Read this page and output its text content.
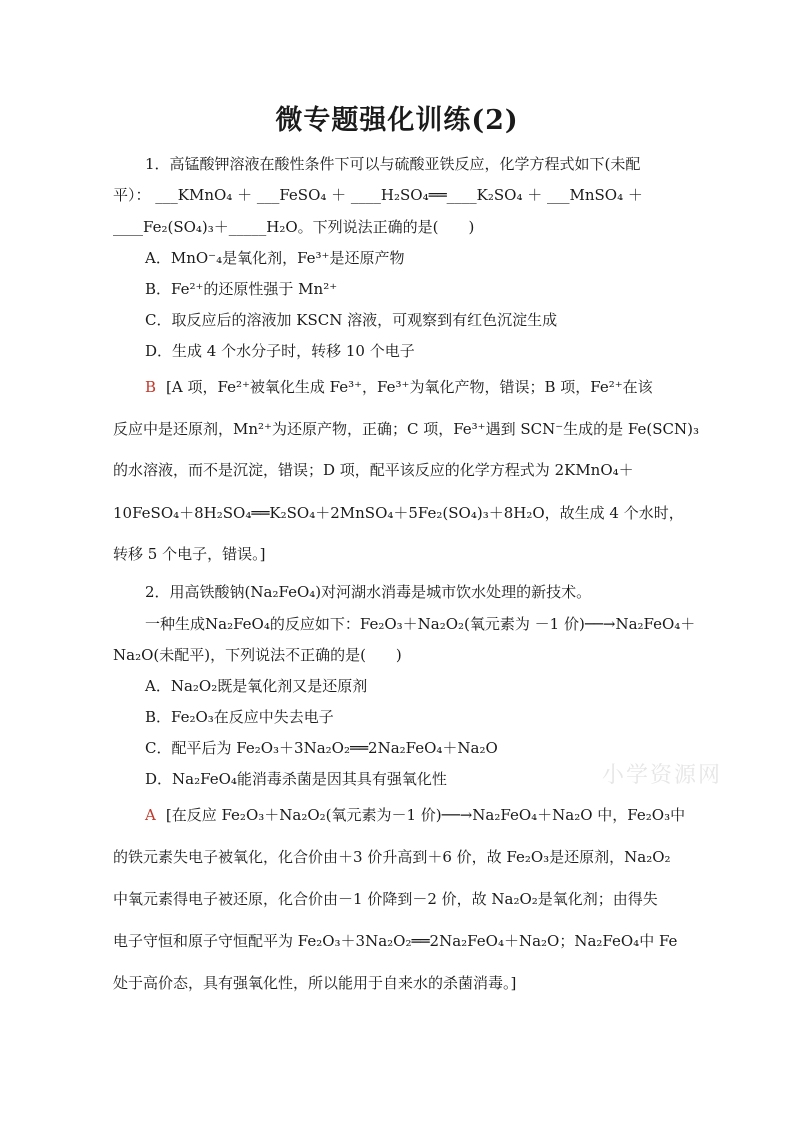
微专题强化训练(2)
1．高锰酸钾溶液在酸性条件下可以与硫酸亚铁反应，化学方程式如下(未配
平）： ___KMnO₄ ＋ ___FeSO₄ ＋ ____H₂SO₄══____K₂SO₄ ＋ ___MnSO₄ ＋
____Fe₂(SO₄)₃＋_____H₂O。下列说法正确的是(　　)
A．MnO⁻₄是氧化剂，Fe³⁺是还原产物
B．Fe²⁺的还原性强于 Mn²⁺
C．取反应后的溶液加 KSCN 溶液，可观察到有红色沉淀生成
D．生成 4 个水分子时，转移 10 个电子
B [A 项，Fe²⁺被氧化生成 Fe³⁺，Fe³⁺为氧化产物，错误；B 项，Fe²⁺在该
反应中是还原剂，Mn²⁺为还原产物，正确；C 项，Fe³⁺遇到 SCN⁻生成的是 Fe(SCN)₃
的水溶液，而不是沉淀，错误；D 项，配平该反应的化学方程式为 2KMnO₄＋
10FeSO₄＋8H₂SO₄══K₂SO₄＋2MnSO₄＋5Fe₂(SO₄)₃＋8H₂O，故生成 4 个水时，
转移 5 个电子，错误。]
2．用高铁酸钠(Na₂FeO₄)对河湖水消毒是城市饮水处理的新技术。
一种生成Na₂FeO₄的反应如下：Fe₂O₃＋Na₂O₂(氧元素为 －1 价)──→Na₂FeO₄＋
Na₂O(未配平)，下列说法不正确的是(　　)
A．Na₂O₂既是氧化剂又是还原剂
B．Fe₂O₃在反应中失去电子
C．配平后为 Fe₂O₃＋3Na₂O₂══2Na₂FeO₄＋Na₂O
D．Na₂FeO₄能消毒杀菌是因其具有强氧化性
A [在反应 Fe₂O₃＋Na₂O₂(氧元素为－1 价)──→Na₂FeO₄＋Na₂O 中，Fe₂O₃中
的铁元素失电子被氧化，化合价由＋3 价升高到＋6 价，故 Fe₂O₃是还原剂，Na₂O₂
中氧元素得电子被还原，化合价由－1 价降到－2 价，故 Na₂O₂是氧化剂；由得失
电子守恒和原子守恒配平为 Fe₂O₃＋3Na₂O₂══2Na₂FeO₄＋Na₂O；Na₂FeO₄中 Fe
处于高价态，具有强氧化性，所以能用于自来水的杀菌消毒。]
小学资源网
